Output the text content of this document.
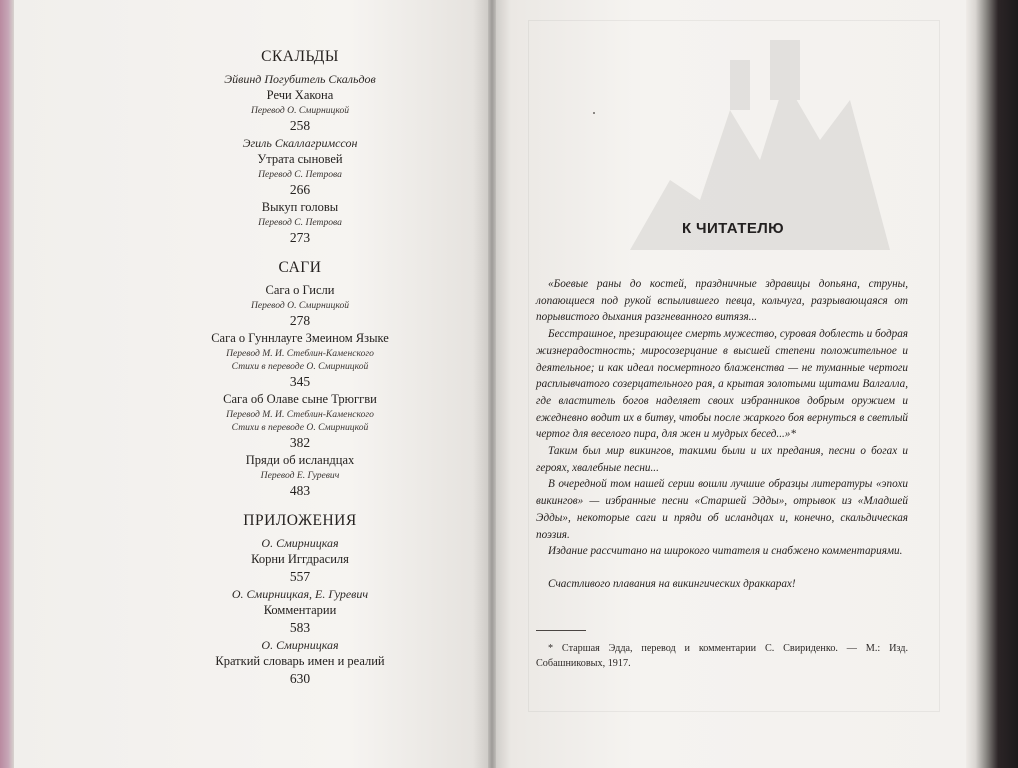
СКАЛЬДЫ
Эйвинд Погубитель Скальдов
Речи Хакона
Перевод О. Смирницкой
258
Эгиль Скаллагримссон
Утрата сыновей
Перевод С. Петрова
266
Выкуп головы
Перевод С. Петрова
273
САГИ
Сага о Гисли
Перевод О. Смирницкой
278
Сага о Гуннлауге Змеином Языке
Перевод М. И. Стеблин-Каменского
Стихи в переводе О. Смирницкой
345
Сага об Олаве сыне Трюггви
Перевод М. И. Стеблин-Каменского
Стихи в переводе О. Смирницкой
382
Пряди об исландцах
Перевод Е. Гуревич
483
ПРИЛОЖЕНИЯ
О. Смирницкая
Корни Иггдрасиля
557
О. Смирницкая, Е. Гуревич
Комментарии
583
О. Смирницкая
Краткий словарь имен и реалий
630
К ЧИТАТЕЛЮ

«Боевые раны до костей, праздничные здравицы допьяна, струны, лопающиеся под рукой вспылившего певца, кольчуга, разрывающаяся от порывистого дыхания разгневанного витязя...

Бесстрашное, презирающее смерть мужество, суровая доблесть и бодрая жизнерадостность; миросозерцание в высшей степени положительное и деятельное; и как идеал посмертного блаженства — не туманные чертоги расплывчатого созерцательного рая, а крытая золотыми щитами Валгалла, где властитель богов наделяет своих избранников добрым оружием и ежедневно водит их в битву, чтобы после жаркого боя вернуться в светлый чертог для веселого пира, для жен и мудрых бесед...»*

Таким был мир викингов, такими были и их предания, песни о богах и героях, хвалебные песни...

В очередной том нашей серии вошли лучшие образцы литературы «эпохи викингов» — избранные песни «Старшей Эдды», отрывок из «Младшей Эдды», некоторые саги и пряди об исландцах и, конечно, скальдическая поэзия.

Издание рассчитано на широкого читателя и снабжено комментариями.

Счастливого плавания на викингических драккарах!

* Старшая Эдда, перевод и комментарии С. Свириденко. — М.: Изд. Собашниковых, 1917.
